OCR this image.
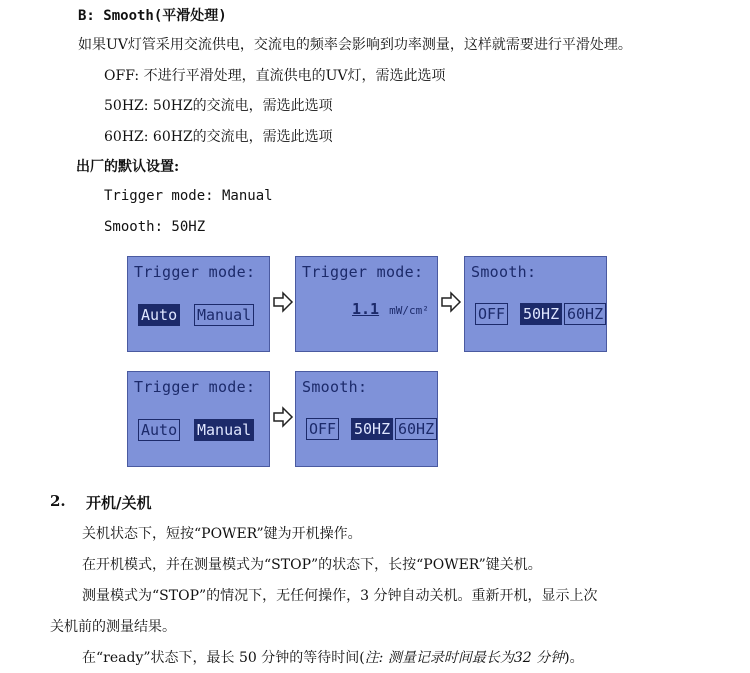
B: Smooth(平滑处理)
如果UV灯管采用交流供电，交流电的频率会影响到功率测量，这样就需要进行平滑处理。
OFF: 不进行平滑处理，直流供电的UV灯，需选此选项
50HZ: 50HZ的交流电，需选此选项
60HZ: 60HZ的交流电，需选此选项
出厂的默认设置:
Trigger mode: Manual
Smooth: 50HZ
Trigger mode:
Auto Manual
Trigger mode:
1.1 mW/cm²
Smooth:
OFF 50HZ 60HZ
Trigger mode:
Auto Manual
Smooth:
OFF 50HZ 60HZ
2. 开机/关机
关机状态下，短按“POWER”键为开机操作。
在开机模式，并在测量模式为“STOP”的状态下，长按“POWER”键关机。
测量模式为“STOP”的情况下，无任何操作，3 分钟自动关机。重新开机，显示上次
关机前的测量结果。
在“ready”状态下，最长 50 分钟的等待时间(注: 测量记录时间最长为32 分钟)。
